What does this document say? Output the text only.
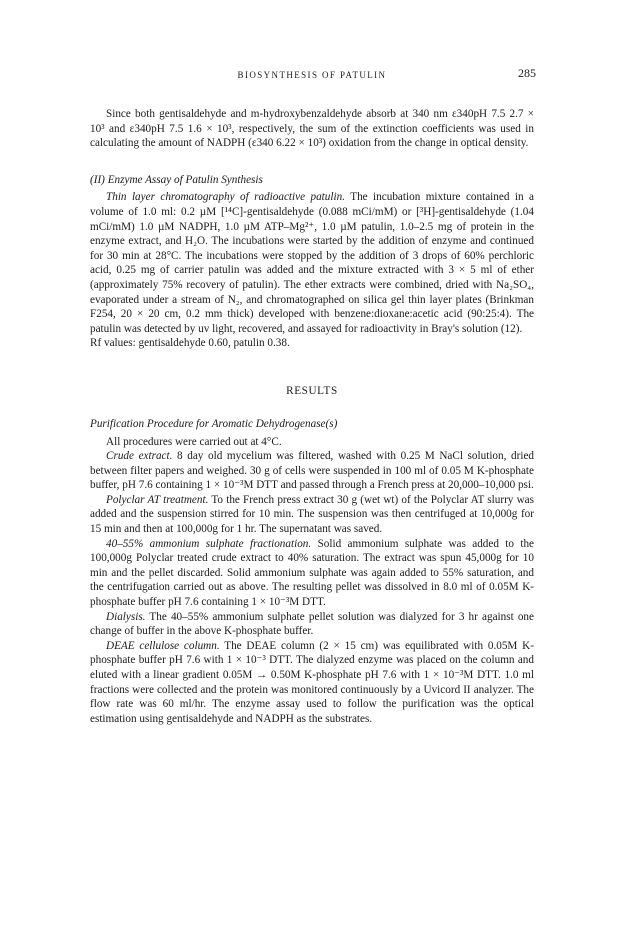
BIOSYNTHESIS OF PATULIN	285

Since both gentisaldehyde and m-hydroxybenzaldehyde absorb at 340 nm ε340pH 7.5 2.7 × 10³ and ε340pH 7.5 1.6 × 10³, respectively, the sum of the extinction coefficients was used in calculating the amount of NADPH (ε340 6.22 × 10³) oxidation from the change in optical density.

(II) Enzyme Assay of Patulin Synthesis

Thin layer chromatography of radioactive patulin. The incubation mixture contained in a volume of 1.0 ml: 0.2 µM [¹⁴C]-gentisaldehyde (0.088 mCi/mM) or [³H]-gentisaldehyde (1.04 mCi/mM) 1.0 µM NADPH, 1.0 µM ATP–Mg²⁺, 1.0 µM patulin, 1.0–2.5 mg of protein in the enzyme extract, and H₂O. The incubations were started by the addition of enzyme and continued for 30 min at 28°C. The incubations were stopped by the addition of 3 drops of 60% perchloric acid, 0.25 mg of carrier patulin was added and the mixture extracted with 3 × 5 ml of ether (approximately 75% recovery of patulin). The ether extracts were combined, dried with Na₂SO₄, evaporated under a stream of N₂, and chromatographed on silica gel thin layer plates (Brinkman F254, 20 × 20 cm, 0.2 mm thick) developed with benzene:dioxane:acetic acid (90:25:4). The patulin was detected by uv light, recovered, and assayed for radioactivity in Bray's solution (12).

Rf values: gentisaldehyde 0.60, patulin 0.38.

RESULTS
Purification Procedure for Aromatic Dehydrogenase(s)

All procedures were carried out at 4°C.

Crude extract. 8 day old mycelium was filtered, washed with 0.25 M NaCl solution, dried between filter papers and weighed. 30 g of cells were suspended in 100 ml of 0.05 M K-phosphate buffer, pH 7.6 containing 1 × 10⁻³M DTT and passed through a French press at 20,000–10,000 psi.

Polyclar AT treatment. To the French press extract 30 g (wet wt) of the Polyclar AT slurry was added and the suspension stirred for 10 min. The suspension was then centrifuged at 10,000g for 15 min and then at 100,000g for 1 hr. The supernatant was saved.

40–55% ammonium sulphate fractionation. Solid ammonium sulphate was added to the 100,000g Polyclar treated crude extract to 40% saturation. The extract was spun 45,000g for 10 min and the pellet discarded. Solid ammonium sulphate was again added to 55% saturation, and the centrifugation carried out as above. The resulting pellet was dissolved in 8.0 ml of 0.05M K-phosphate buffer pH 7.6 containing 1 × 10⁻³M DTT.

Dialysis. The 40–55% ammonium sulphate pellet solution was dialyzed for 3 hr against one change of buffer in the above K-phosphate buffer.

DEAE cellulose column. The DEAE column (2 × 15 cm) was equilibrated with 0.05M K-phosphate buffer pH 7.6 with 1 × 10⁻³ DTT. The dialyzed enzyme was placed on the column and eluted with a linear gradient 0.05M → 0.50M K-phosphate pH 7.6 with 1 × 10⁻³M DTT. 1.0 ml fractions were collected and the protein was monitored continuously by a Uvicord II analyzer. The flow rate was 60 ml/hr. The enzyme assay used to follow the purification was the optical estimation using gentisaldehyde and NADPH as the substrates.
